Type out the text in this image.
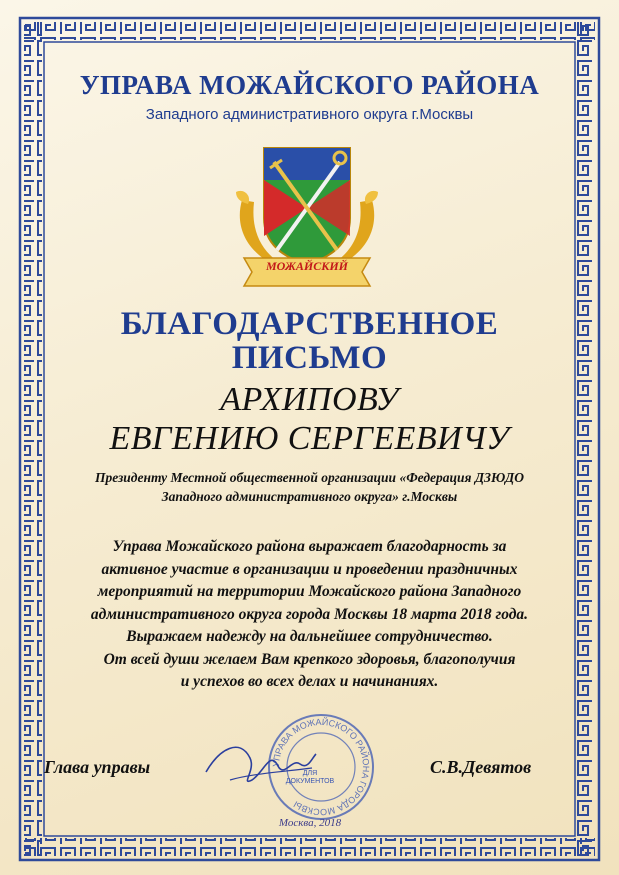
УПРАВА МОЖАЙСКОГО РАЙОНА
Западного административного округа г.Москвы
МОЖАЙСКИЙ
БЛАГОДАРСТВЕННОЕ
ПИСЬМО
АРХИПОВУ
ЕВГЕНИЮ СЕРГЕЕВИЧУ
Президенту Местной общественной организации «Федерация ДЗЮДО
Западного административного округа» г.Москвы
Управа Можайского района выражает благодарность за
активное участие в организации и проведении праздничных
мероприятий на территории Можайского района Западного
административного округа города Москвы 18 марта 2018 года.
Выражаем надежду на дальнейшее сотрудничество.
От всей души желаем Вам крепкого здоровья, благополучия
и успехов во всех делах и начинаниях.
УПРАВА МОЖАЙСКОГО РАЙОНА ГОРОДА МОСКВЫ
ДЛЯ
ДОКУМЕНТОВ
Глава управы	С.В.Девятов
Москва, 2018
